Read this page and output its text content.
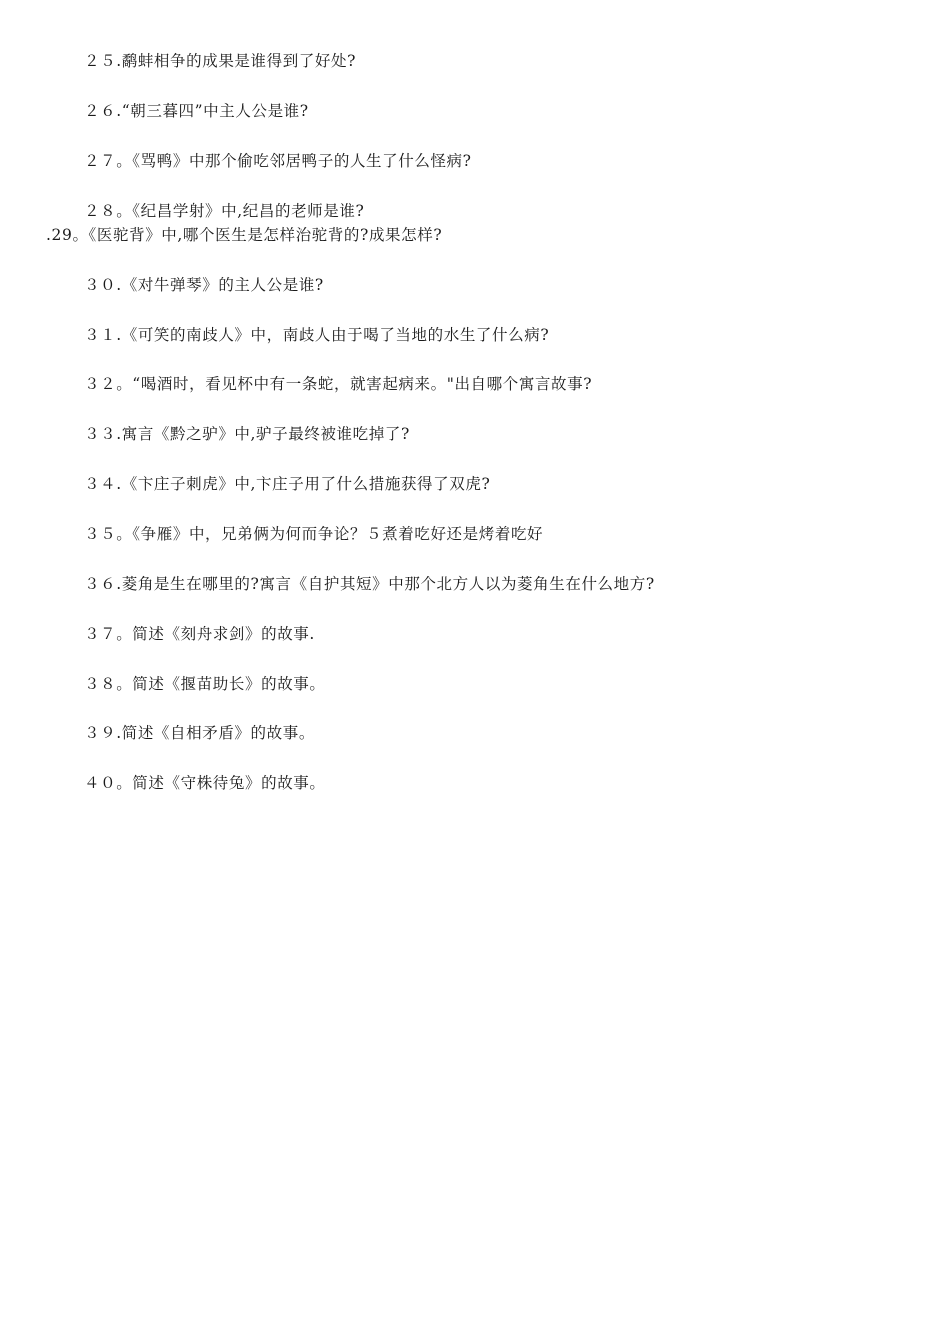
２５.鹬蚌相争的成果是谁得到了好处?
２６.“朝三暮四”中主人公是谁?
２７。《骂鸭》中那个偷吃邻居鸭子的人生了什么怪病?
２８。《纪昌学射》中,纪昌的老师是谁?
.29。《医驼背》中,哪个医生是怎样治驼背的?成果怎样?
３０.《对牛弹琴》的主人公是谁?
３１.《可笑的南歧人》中，南歧人由于喝了当地的水生了什么病?
３２。“喝酒时，看见杯中有一条蛇，就害起病来。"出自哪个寓言故事?
３３.寓言《黔之驴》中,驴子最终被谁吃掉了?
３４.《卞庄子刺虎》中,卞庄子用了什么措施获得了双虎?
３５。《争雁》中，兄弟俩为何而争论？５煮着吃好还是烤着吃好
３６.菱角是生在哪里的?寓言《自护其短》中那个北方人以为菱角生在什么地方?
３７。简述《刻舟求剑》的故事.
３８。简述《揠苗助长》的故事。
３９.简述《自相矛盾》的故事。
４０。简述《守株待兔》的故事。
